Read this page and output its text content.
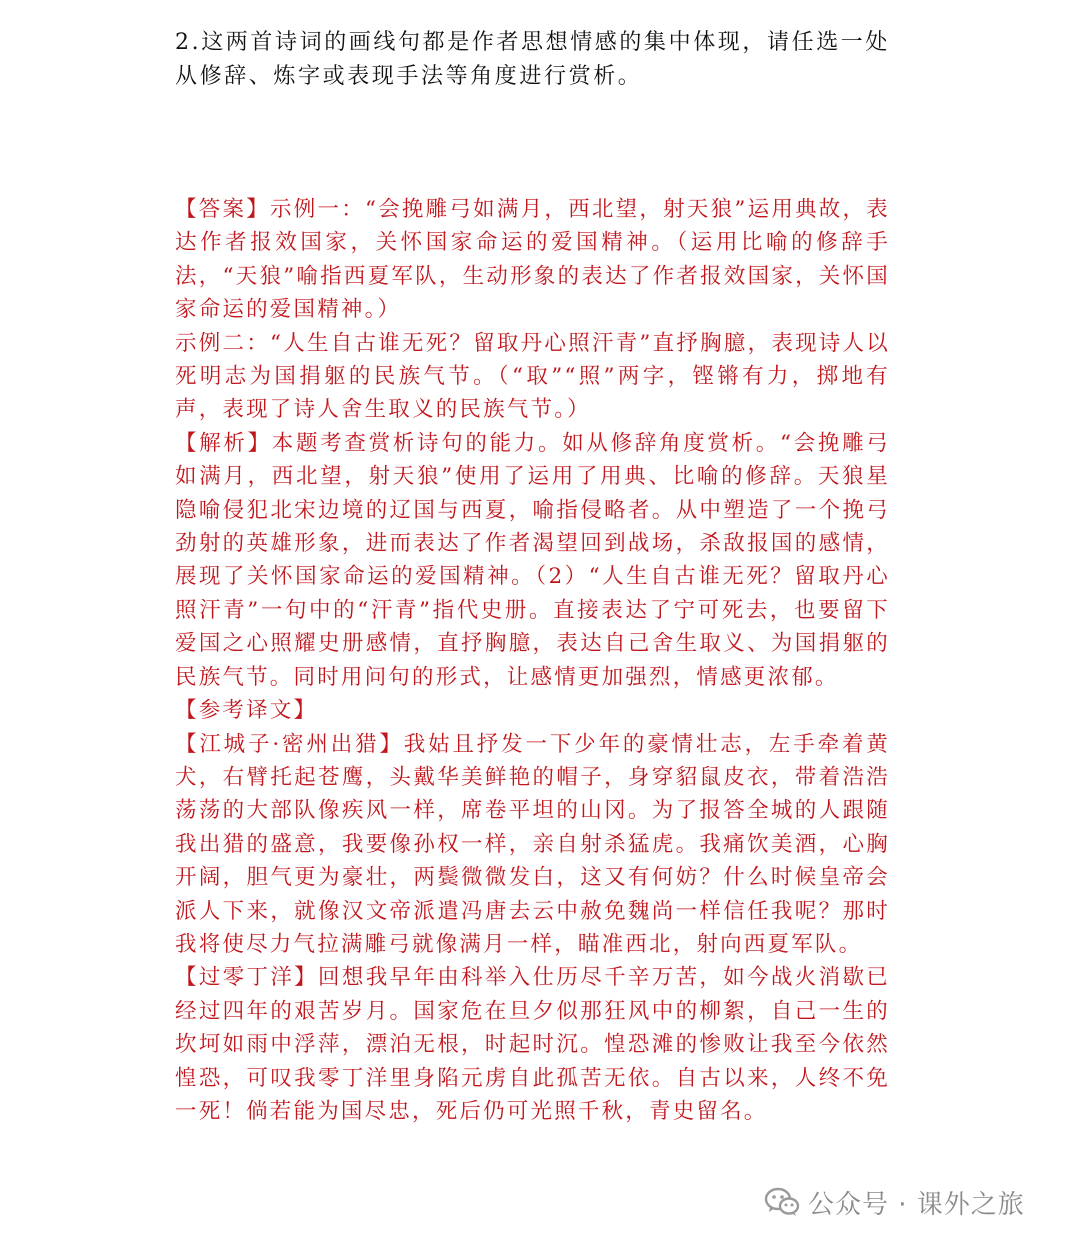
2.这两首诗词的画线句都是作者思想情感的集中体现，请任选一处
从修辞、炼字或表现手法等角度进行赏析。

【答案】示例一：“会挽雕弓如满月，西北望，射天狼”运用典故，表达作者报效国家，关怀国家命运的爱国精神。（运用比喻的修辞手法，“天狼”喻指西夏军队，生动形象的表达了作者报效国家，关怀国家命运的爱国精神。）

示例二：“人生自古谁无死？留取丹心照汗青”直抒胸臆，表现诗人以死明志为国捐躯的民族气节。（“取”“照”两字，铿锵有力，掷地有声，表现了诗人舍生取义的民族气节。）

【解析】本题考查赏析诗句的能力。如从修辞角度赏析。“会挽雕弓如满月，西北望，射天狼”使用了运用了用典、比喻的修辞。天狼星隐喻侵犯北宋边境的辽国与西夏，喻指侵略者。从中塑造了一个挽弓劲射的英雄形象，进而表达了作者渴望回到战场，杀敌报国的感情，展现了关怀国家命运的爱国精神。（2）“人生自古谁无死？留取丹心照汗青”一句中的“汗青”指代史册。直接表达了宁可死去，也要留下爱国之心照耀史册感情，直抒胸臆，表达自己舍生取义、为国捐躯的民族气节。同时用问句的形式，让感情更加强烈，情感更浓郁。

【参考译文】

【江城子·密州出猎】我姑且抒发一下少年的豪情壮志，左手牵着黄犬，右臂托起苍鹰，头戴华美鲜艳的帽子，身穿貂鼠皮衣，带着浩浩荡荡的大部队像疾风一样，席卷平坦的山冈。为了报答全城的人跟随我出猎的盛意，我要像孙权一样，亲自射杀猛虎。我痛饮美酒，心胸开阔，胆气更为豪壮，两鬓微微发白，这又有何妨？什么时候皇帝会派人下来，就像汉文帝派遣冯唐去云中赦免魏尚一样信任我呢？那时我将使尽力气拉满雕弓就像满月一样，瞄准西北，射向西夏军队。

【过零丁洋】回想我早年由科举入仕历尽千辛万苦，如今战火消歇已经过四年的艰苦岁月。国家危在旦夕似那狂风中的柳絮，自己一生的坎坷如雨中浮萍，漂泊无根，时起时沉。惶恐滩的惨败让我至今依然惶恐，可叹我零丁洋里身陷元虏自此孤苦无依。自古以来，人终不免一死！倘若能为国尽忠，死后仍可光照千秋，青史留名。

公众号 · 课外之旅
